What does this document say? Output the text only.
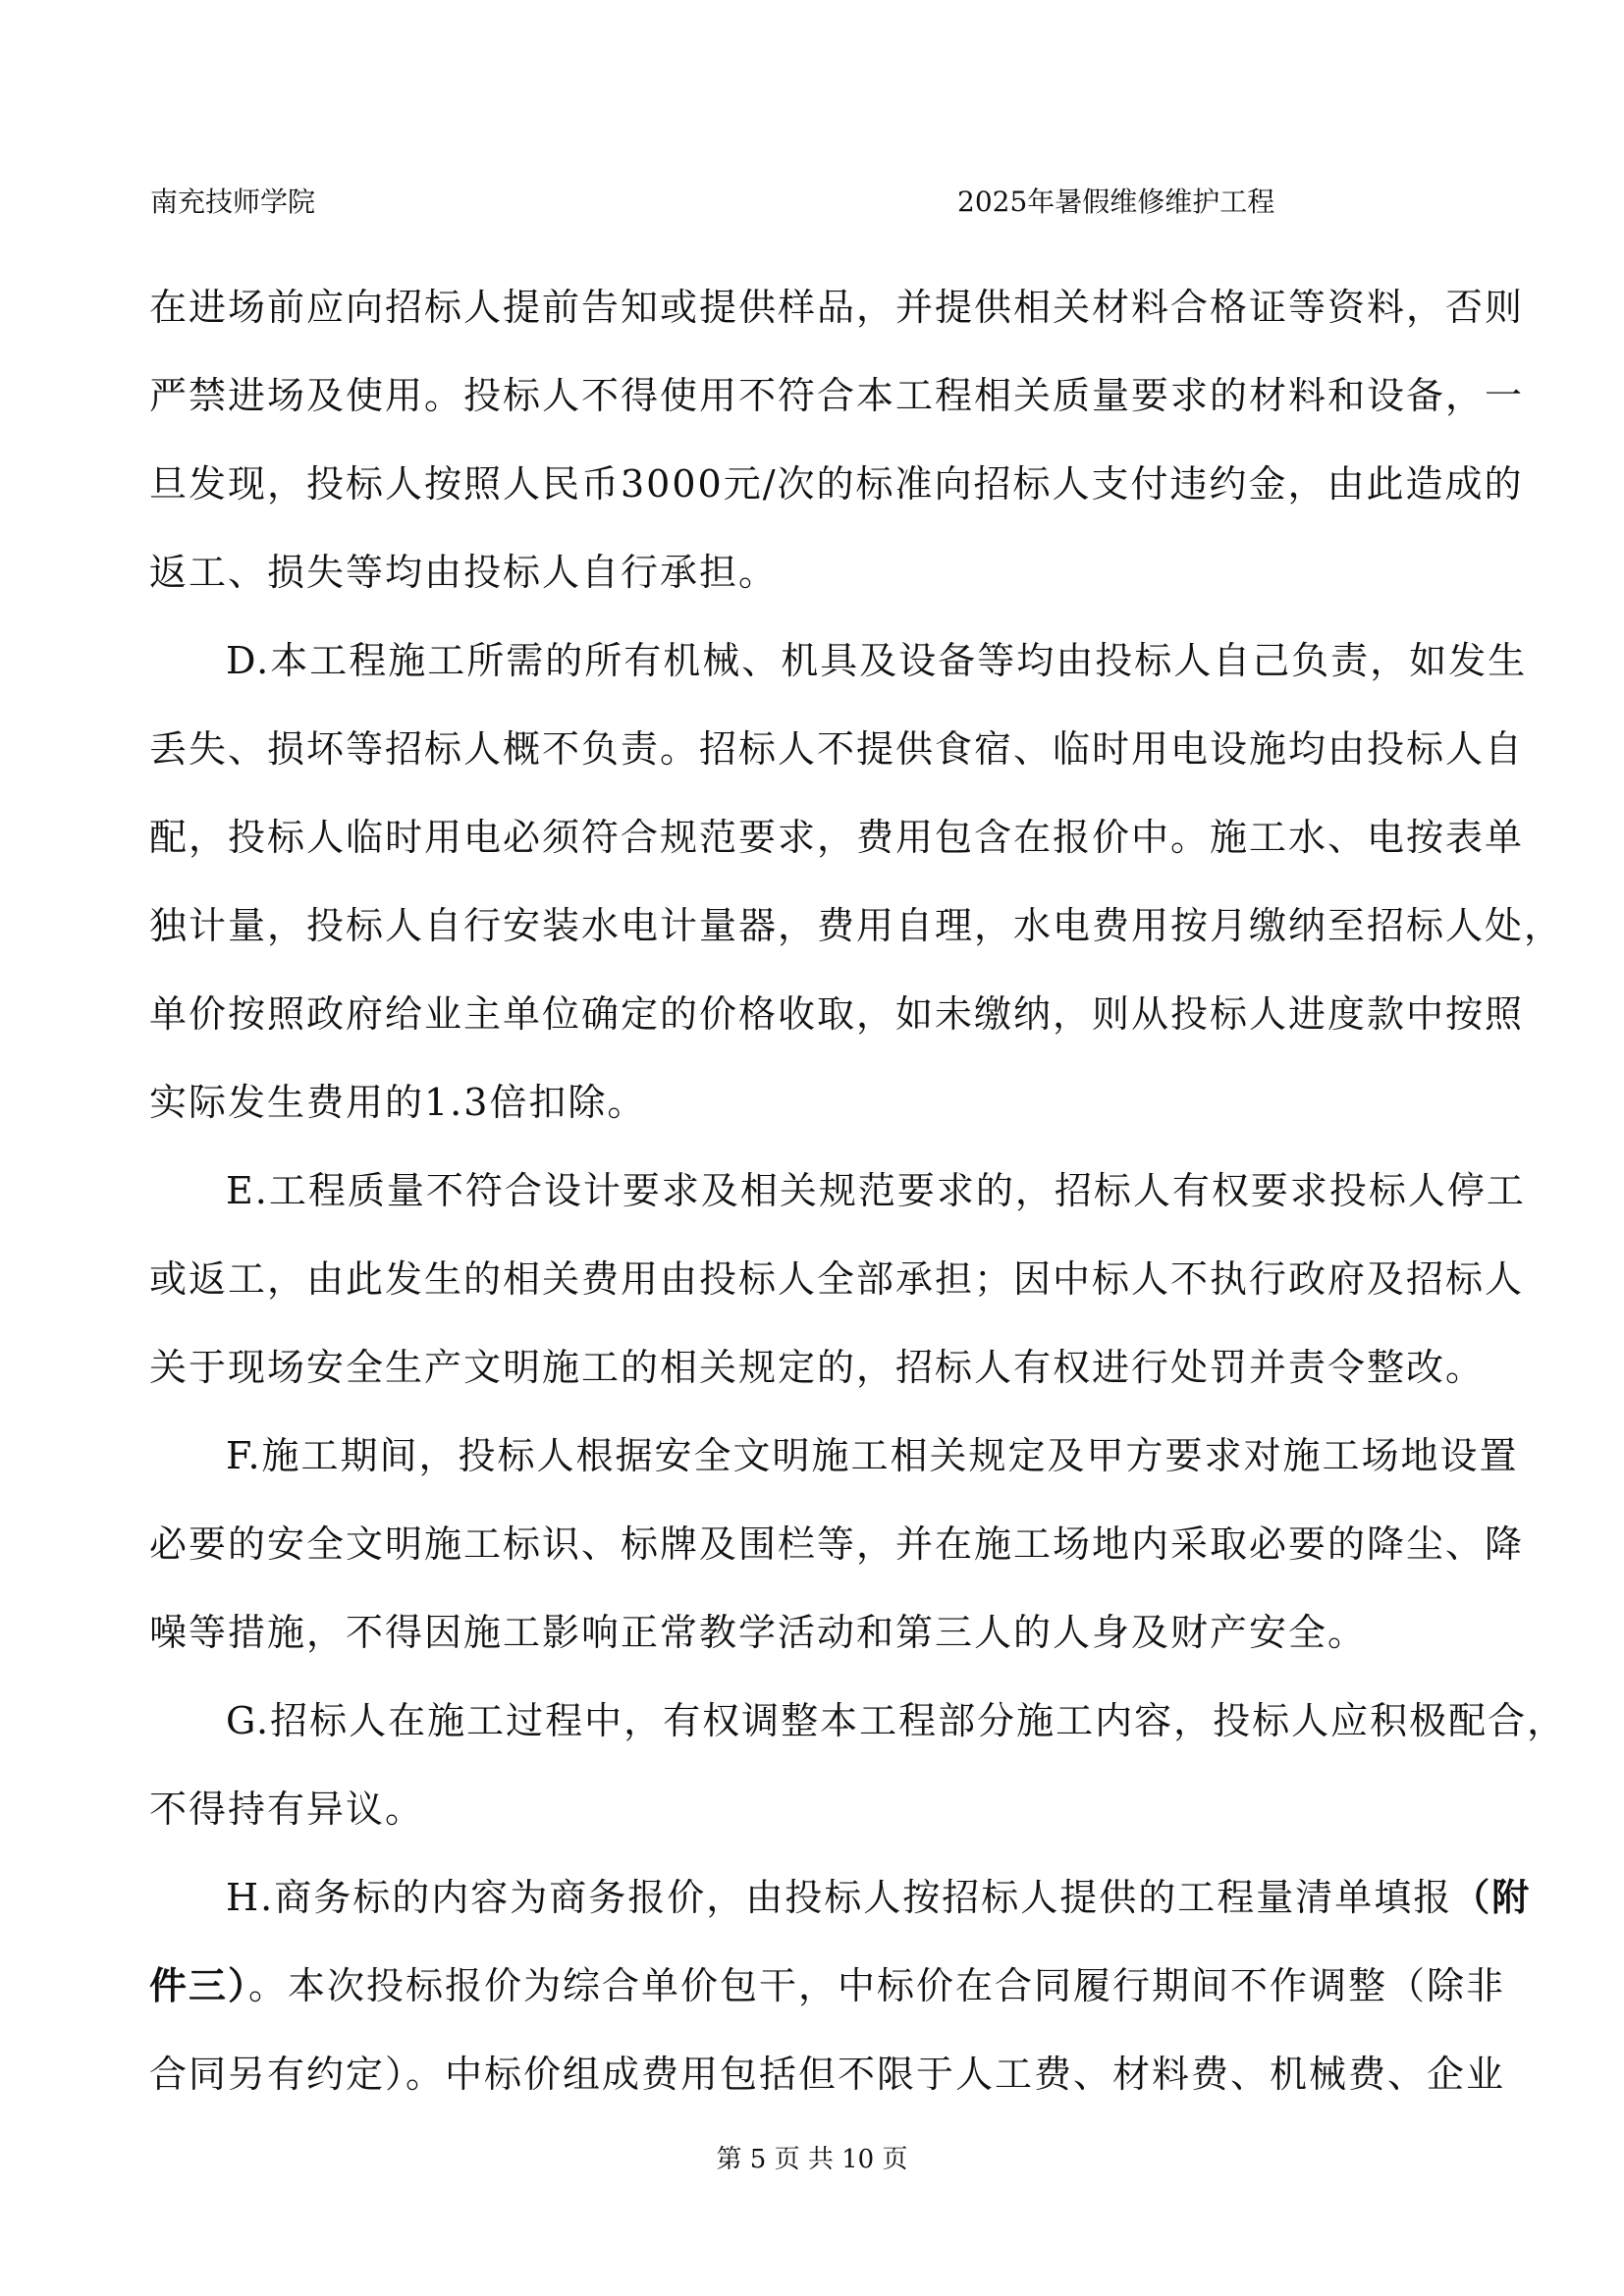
南充技师学院	2025年暑假维修维护工程
在进场前应向招标人提前告知或提供样品，并提供相关材料合格证等资料，否则
严禁进场及使用。投标人不得使用不符合本工程相关质量要求的材料和设备，一
旦发现，投标人按照人民币3000元/次的标准向招标人支付违约金，由此造成的
返工、损失等均由投标人自行承担。
D.本工程施工所需的所有机械、机具及设备等均由投标人自己负责，如发生
丢失、损坏等招标人概不负责。招标人不提供食宿、临时用电设施均由投标人自
配，投标人临时用电必须符合规范要求，费用包含在报价中。施工水、电按表单
独计量，投标人自行安装水电计量器，费用自理，水电费用按月缴纳至招标人处，
单价按照政府给业主单位确定的价格收取，如未缴纳，则从投标人进度款中按照
实际发生费用的1.3倍扣除。
E.工程质量不符合设计要求及相关规范要求的，招标人有权要求投标人停工
或返工，由此发生的相关费用由投标人全部承担；因中标人不执行政府及招标人
关于现场安全生产文明施工的相关规定的，招标人有权进行处罚并责令整改。
F.施工期间，投标人根据安全文明施工相关规定及甲方要求对施工场地设置
必要的安全文明施工标识、标牌及围栏等，并在施工场地内采取必要的降尘、降
噪等措施，不得因施工影响正常教学活动和第三人的人身及财产安全。
G.招标人在施工过程中，有权调整本工程部分施工内容，投标人应积极配合，
不得持有异议。
H.商务标的内容为商务报价，由投标人按招标人提供的工程量清单填报（附
件三）。本次投标报价为综合单价包干，中标价在合同履行期间不作调整（除非
合同另有约定）。中标价组成费用包括但不限于人工费、材料费、机械费、企业
第 5 页 共 10 页
